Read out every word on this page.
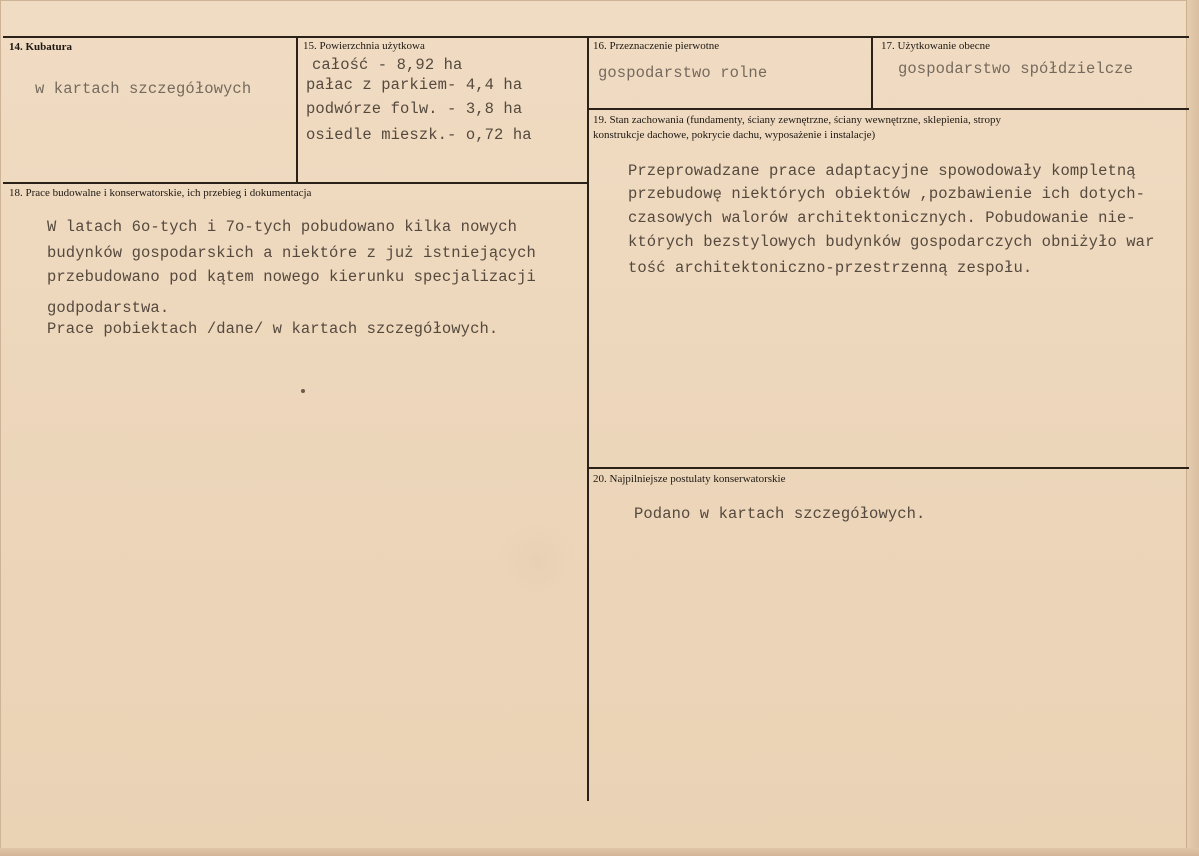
14. Kubatura
w kartach szczegółowych
15. Powierzchnia użytkowa
całość - 8,92 ha
pałac z parkiem- 4,4 ha
podwórze folw. - 3,8 ha
osiedle mieszk.- o,72 ha
16. Przeznaczenie pierwotne
gospodarstwo rolne
17. Użytkowanie obecne
gospodarstwo spółdzielcze
18. Prace budowalne i konserwatorskie, ich przebieg i dokumentacja
W latach 6o-tych i 7o-tych pobudowano kilka nowych
budynków gospodarskich a niektóre z już istniejących
przebudowano pod kątem nowego kierunku specjalizacji
godpodarstwa.
Prace pobiektach /dane/ w kartach szczegółowych.
19. Stan zachowania (fundamenty, ściany zewnętrzne, ściany wewnętrzne, sklepienia, stropy
konstrukcje dachowe, pokrycie dachu, wyposażenie i instalacje)
Przeprowadzane prace adaptacyjne spowodowały kompletną
przebudowę niektórych obiektów ,pozbawienie ich dotych-
czasowych walorów architektonicznych. Pobudowanie nie-
których bezstylowych budynków gospodarczych obniżyło war
tość architektoniczno-przestrzenną zespołu.
20. Najpilniejsze postulaty konserwatorskie
Podano w kartach szczegółowych.
